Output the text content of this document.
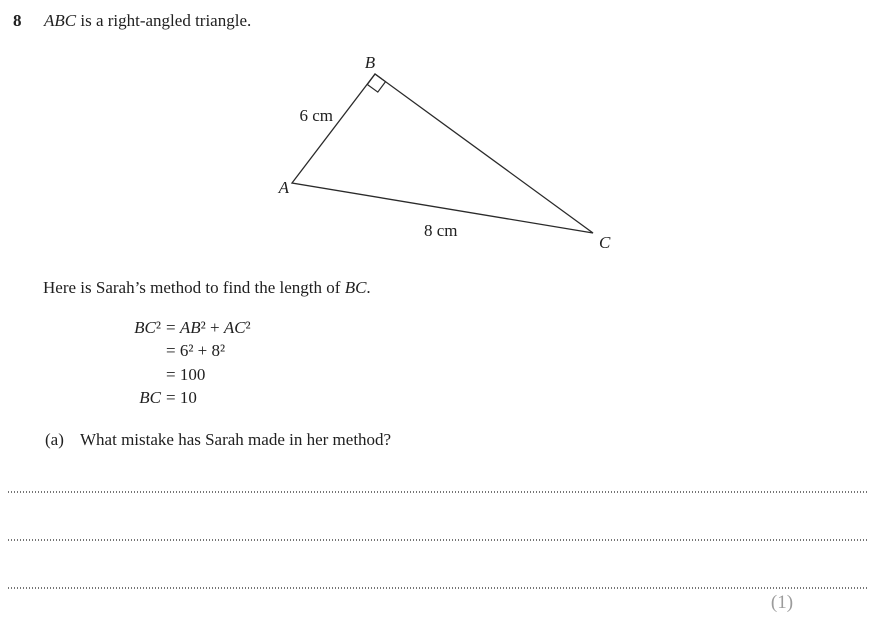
8	ABC is a right-angled triangle.
B
A
C
6 cm
8 cm
Here is Sarah’s method to find the length of BC.
BC² = AB² + AC²
= 6² + 8²
= 100
BC = 10
(a) What mistake has Sarah made in her method?
(1)
